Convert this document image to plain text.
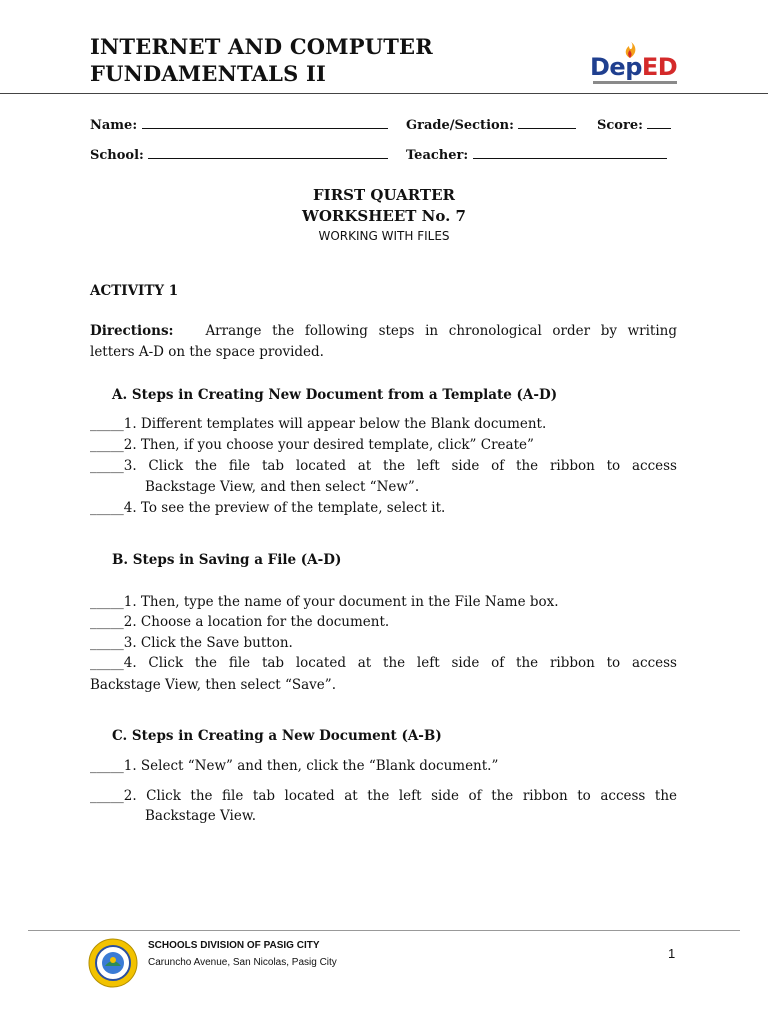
INTERNET AND COMPUTER
FUNDAMENTALS II	DepED
Name:	Grade/Section:	Score:
School:	Teacher:
FIRST QUARTER
WORKSHEET No. 7
WORKING WITH FILES
ACTIVITY 1
Directions: Arrange the following steps in chronological order by writing
letters A-D on the space provided.
A. Steps in Creating New Document from a Template (A-D)
_____1. Different templates will appear below the Blank document.
_____2. Then, if you choose your desired template, click” Create”
_____3. Click the file tab located at the left side of the ribbon to access
Backstage View, and then select “New”.
_____4. To see the preview of the template, select it.
B. Steps in Saving a File (A-D)
_____1. Then, type the name of your document in the File Name box.
_____2. Choose a location for the document.
_____3. Click the Save button.
_____4. Click the file tab located at the left side of the ribbon to access
Backstage View, then select “Save”.
C. Steps in Creating a New Document (A-B)
_____1. Select “New” and then, click the “Blank document.”
_____2. Click the file tab located at the left side of the ribbon to access the
Backstage View.
SCHOOLS DIVISION OF PASIG CITY
Caruncho Avenue, San Nicolas, Pasig City
1
